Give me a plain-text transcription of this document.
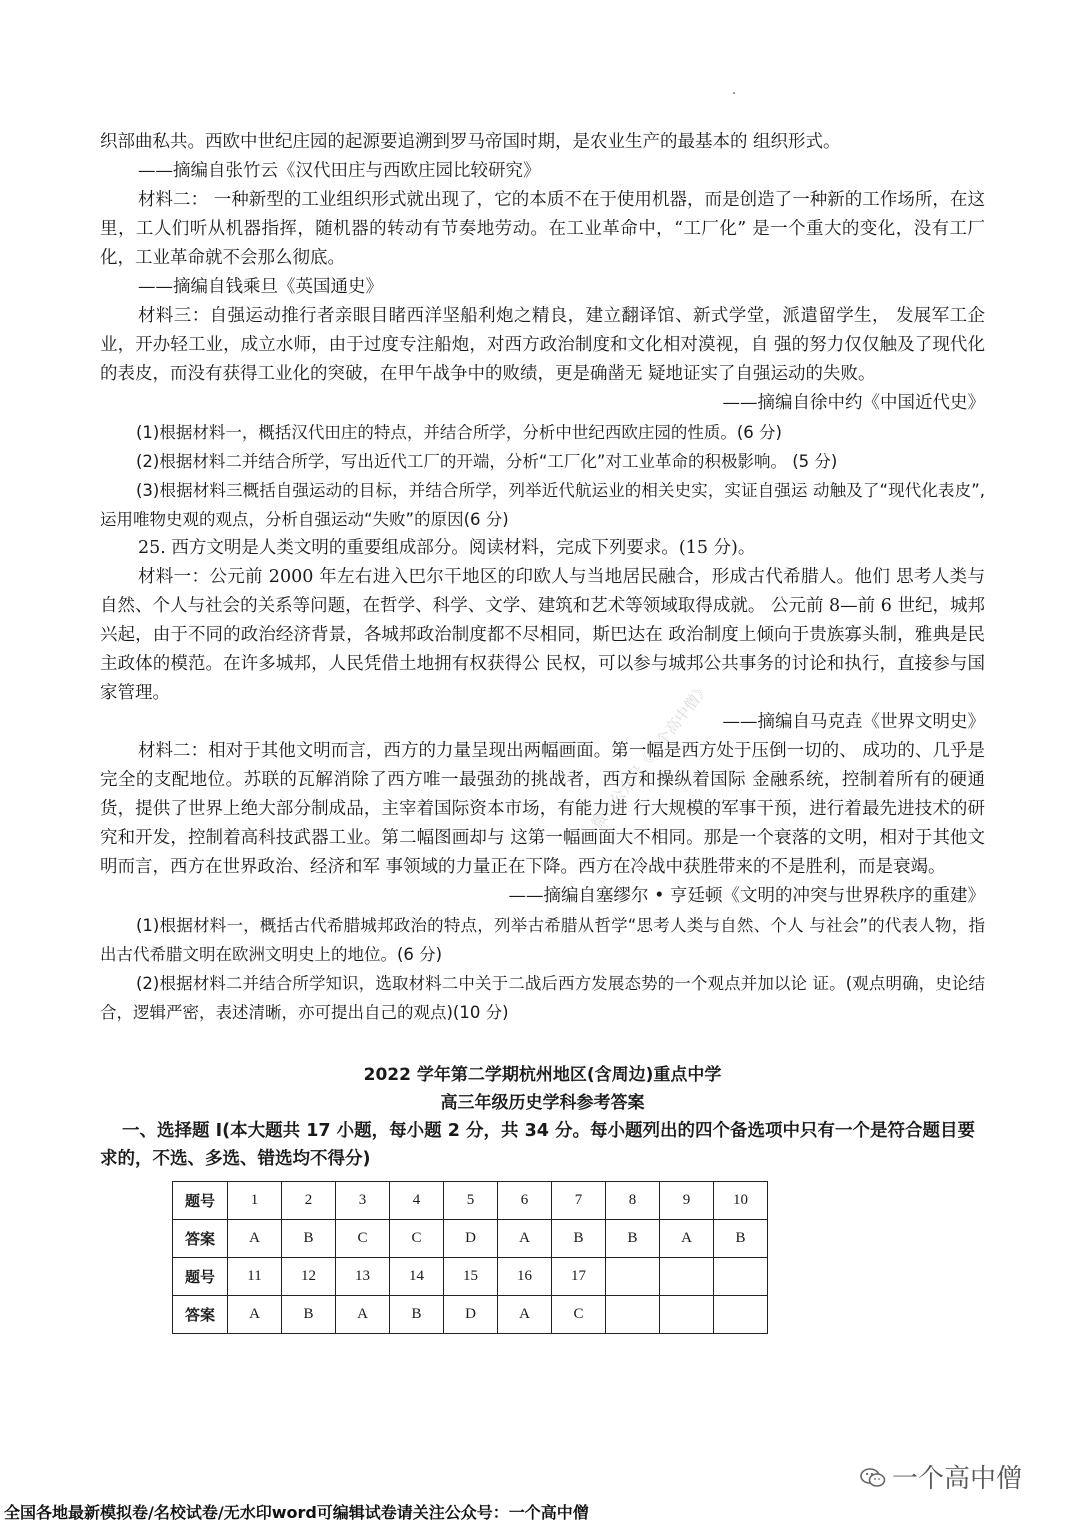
织部曲私共。西欧中世纪庄园的起源要追溯到罗马帝国时期，是农业生产的最基本的 组织形式。

——摘编自张竹云《汉代田庄与西欧庄园比较研究》

材料二： 一种新型的工业组织形式就出现了，它的本质不在于使用机器，而是创造了一种新的工作场所，在这里，工人们听从机器指挥，随机器的转动有节奏地劳动。在工业革命中，“工厂化” 是一个重大的变化，没有工厂化，工业革命就不会那么彻底。

——摘编自钱乘旦《英国通史》

材料三：自强运动推行者亲眼目睹西洋坚船利炮之精良，建立翻译馆、新式学堂，派遣留学生， 发展军工企业，开办轻工业，成立水师，由于过度专注船炮，对西方政治制度和文化相对漠视，自 强的努力仅仅触及了现代化的表皮，而没有获得工业化的突破，在甲午战争中的败绩，更是确凿无 疑地证实了自强运动的失败。

——摘编自徐中约《中国近代史》

(1)根据材料一，概括汉代田庄的特点，并结合所学，分析中世纪西欧庄园的性质。(6 分)

(2)根据材料二并结合所学，写出近代工厂的开端，分析“工厂化”对工业革命的积极影响。 (5 分)

(3)根据材料三概括自强运动的目标，并结合所学，列举近代航运业的相关史实，实证自强运 动触及了“现代化表皮”,运用唯物史观的观点，分析自强运动“失败”的原因(6 分)

25. 西方文明是人类文明的重要组成部分。阅读材料，完成下列要求。(15 分)。

材料一：公元前 2000 年左右进入巴尔干地区的印欧人与当地居民融合，形成古代希腊人。他们 思考人类与自然、个人与社会的关系等问题，在哲学、科学、文学、建筑和艺术等领域取得成就。 公元前 8—前 6 世纪，城邦兴起，由于不同的政治经济背景，各城邦政治制度都不尽相同，斯巴达在 政治制度上倾向于贵族寡头制，雅典是民主政体的模范。在许多城邦，人民凭借土地拥有权获得公 民权，可以参与城邦公共事务的讨论和执行，直接参与国家管理。

——摘编自马克垚《世界文明史》

材料二：相对于其他文明而言，西方的力量呈现出两幅画面。第一幅是西方处于压倒一切的、 成功的、几乎是完全的支配地位。苏联的瓦解消除了西方唯一最强劲的挑战者，西方和操纵着国际 金融系统，控制着所有的硬通货，提供了世界上绝大部分制成品，主宰着国际资本市场，有能力进 行大规模的军事干预，进行着最先进技术的研究和开发，控制着高科技武器工业。第二幅图画却与 这第一幅画面大不相同。那是一个衰落的文明，相对于其他文明而言，西方在世界政治、经济和军 事领域的力量正在下降。西方在冷战中获胜带来的不是胜利，而是衰竭。

——摘编自塞缪尔 • 亨廷顿《文明的冲突与世界秩序的重建》

(1)根据材料一，概括古代希腊城邦政治的特点，列举古希腊从哲学“思考人类与自然、个人 与社会”的代表人物，指出古代希腊文明在欧洲文明史上的地位。(6 分)

(2)根据材料二并结合所学知识，选取材料二中关于二战后西方发展态势的一个观点并加以论 证。(观点明确，史论结合，逻辑严密，表述清晰，亦可提出自己的观点)(10 分)

2022 学年第二学期杭州地区(含周边)重点中学

高三年级历史学科参考答案

一、选择题 I(本大题共 17 小题，每小题 2 分，共 34 分。每小题列出的四个备选项中只有一个是符合题目要求的，不选、多选、错选均不得分)

题号	1	2	3	4	5	6	7	8	9	10
答案	A	B	C	C	D	A	B	B	A	B
题号	11	12	13	14	15	16	17			
答案	A	B	A	B	D	A	C			
微信公众号《一个高中僧》
一个高中僧
全国各地最新模拟卷/名校试卷/无水印word可编辑试卷请关注公众号：一个高中僧
